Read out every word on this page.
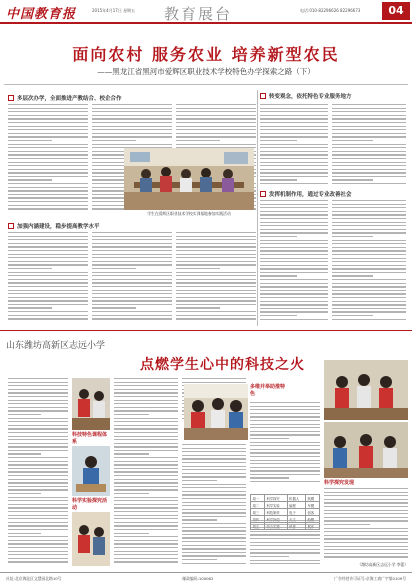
中国教育报	2015年4月17日 星期五 教育展台	电话:010-82296626 82296673	04
面向农村 服务农业 培养新型农民
——黑龙江省黑河市爱辉区职业技术学校特色办学探索之路（下）
多层次办学，全面推进产教结合、校企合作	转变观念，依托特色专业服务地方
学生在爱辉区职业技术学校实训基地参加实践活动
加强内涵建设，稳步提高教学水平
发挥机制作用，通过专业改善社会
山东潍坊高新区志远小学
点燃学生心中的科技之火
科技特色课程体系
科学实验探究活动
多维并举助推特色
周一	科学探究	机器人	航模
周二	科学实验	编程	车模
周三	科技制作	电子	创客

科学探究发现
（潍坊高新区志远小学 李蕾）
社址:北京海淀区文慧园北路10号	邮政编码:100082	广告经营许可证号:京海工商广字第0109号
